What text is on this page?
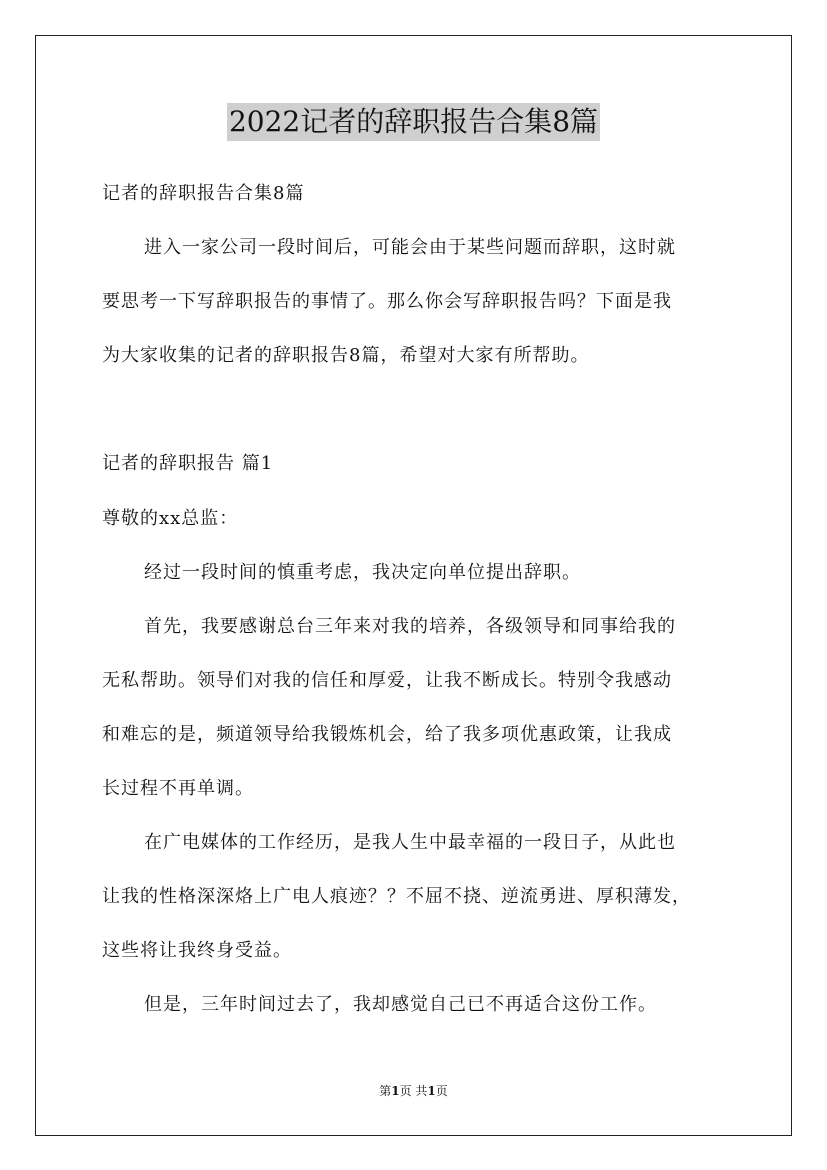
2022记者的辞职报告合集8篇
记者的辞职报告合集8篇
进入一家公司一段时间后，可能会由于某些问题而辞职，这时就
要思考一下写辞职报告的事情了。那么你会写辞职报告吗？下面是我
为大家收集的记者的辞职报告8篇，希望对大家有所帮助。
记者的辞职报告 篇1
尊敬的xx总监：
经过一段时间的慎重考虑，我决定向单位提出辞职。
首先，我要感谢总台三年来对我的培养，各级领导和同事给我的
无私帮助。领导们对我的信任和厚爱，让我不断成长。特别令我感动
和难忘的是，频道领导给我锻炼机会，给了我多项优惠政策，让我成
长过程不再单调。
在广电媒体的工作经历，是我人生中最幸福的一段日子，从此也
让我的性格深深烙上广电人痕迹？？不屈不挠、逆流勇进、厚积薄发，
这些将让我终身受益。
但是，三年时间过去了，我却感觉自己已不再适合这份工作。
第1页 共1页
